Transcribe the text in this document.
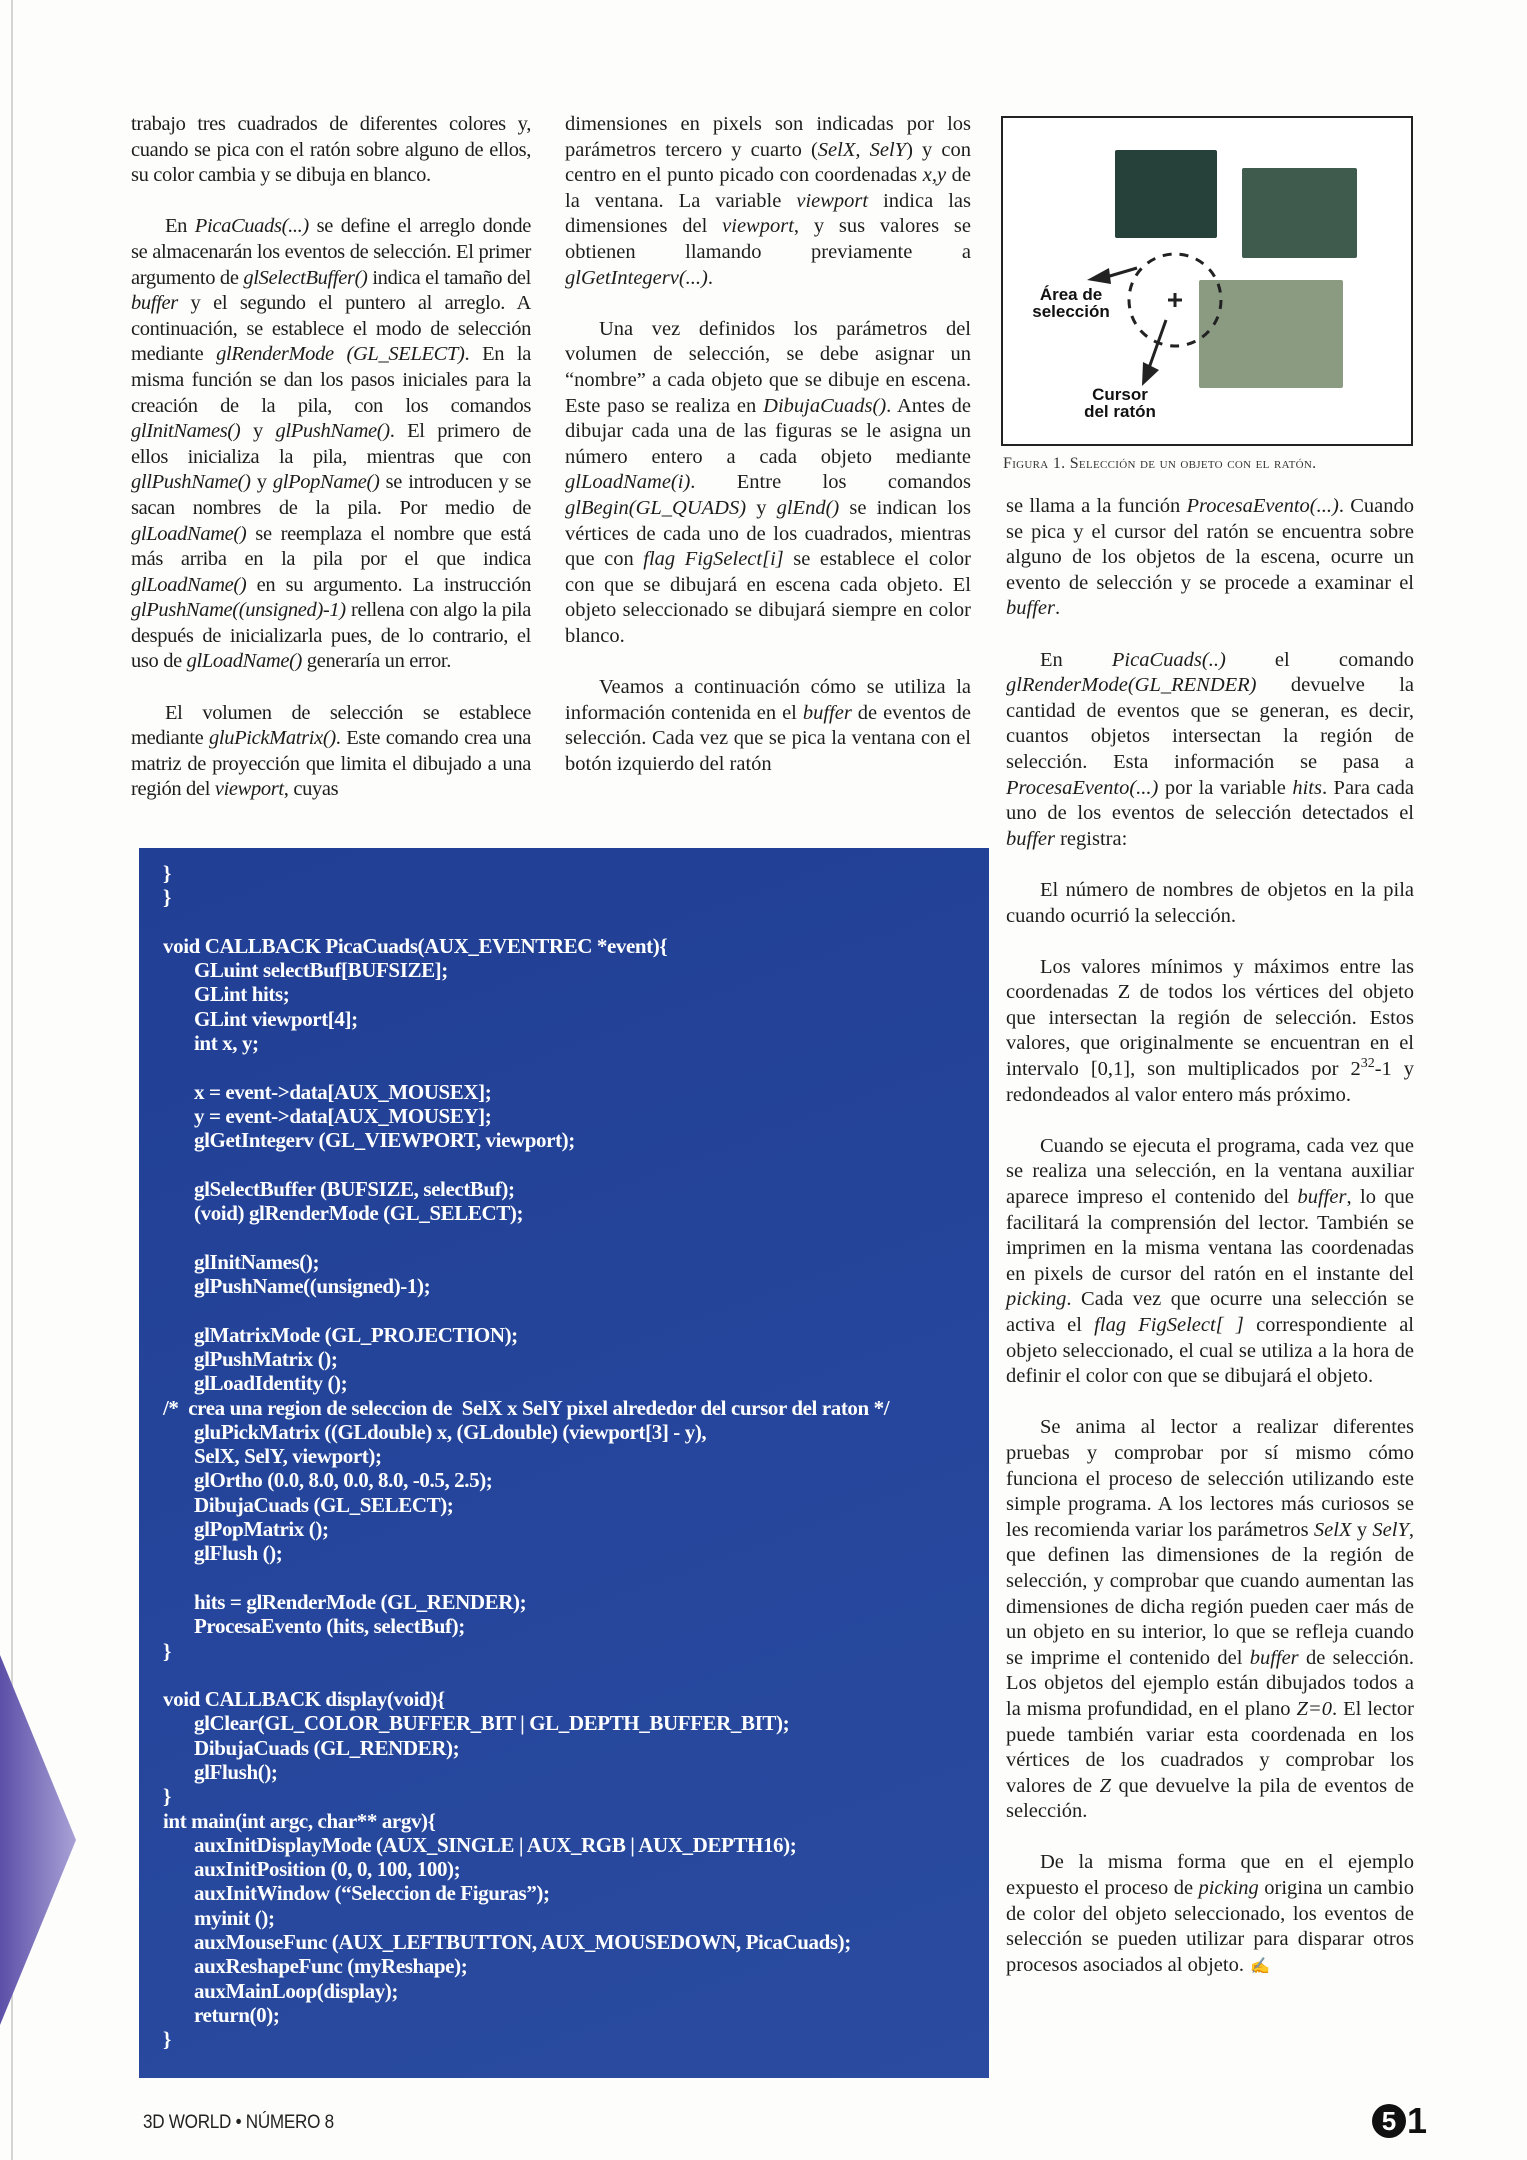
trabajo tres cuadrados de diferentes colores y, cuando se pica con el ratón sobre alguno de ellos, su color cambia y se dibuja en blanco.

En PicaCuads(...) se define el arreglo donde se almacenarán los eventos de selección. El primer argumento de glSelectBuffer() indica el tamaño del buffer y el segundo el puntero al arreglo. A continuación, se establece el modo de selección mediante glRenderMode (GL_SELECT). En la misma función se dan los pasos iniciales para la creación de la pila, con los comandos glInitNames() y glPushName(). El primero de ellos inicializa la pila, mientras que con gllPushName() y glPopName() se introducen y se sacan nombres de la pila. Por medio de glLoadName() se reemplaza el nombre que está más arriba en la pila por el que indica glLoadName() en su argumento. La instrucción glPushName((unsigned)-1) rellena con algo la pila después de inicializarla pues, de lo contrario, el uso de glLoadName() generaría un error.

El volumen de selección se establece mediante gluPickMatrix(). Este comando crea una matriz de proyección que limita el dibujado a una región del viewport, cuyas

dimensiones en pixels son indicadas por los parámetros tercero y cuarto (SelX, SelY) y con centro en el punto picado con coordenadas x,y de la ventana. La variable viewport indica las dimensiones del viewport, y sus valores se obtienen llamando previamente a glGetIntegerv(...).

Una vez definidos los parámetros del volumen de selección, se debe asignar un “nombre” a cada objeto que se dibuje en escena. Este paso se realiza en DibujaCuads(). Antes de dibujar cada una de las figuras se le asigna un número entero a cada objeto mediante glLoadName(i). Entre los comandos glBegin(GL_QUADS) y glEnd() se indican los vértices de cada uno de los cuadrados, mientras que con flag FigSelect[i] se establece el color con que se dibujará en escena cada objeto. El objeto seleccionado se dibujará siempre en color blanco.

Veamos a continuación cómo se utiliza la información contenida en el buffer de eventos de selección. Cada vez que se pica la ventana con el botón izquierdo del ratón

Área de
selección
Cursor
del ratón
Figura 1. Selección de un objeto con el ratón.

se llama a la función ProcesaEvento(...). Cuando se pica y el cursor del ratón se encuentra sobre alguno de los objetos de la escena, ocurre un evento de selección y se procede a examinar el buffer.

En PicaCuads(..) el comando glRenderMode(GL_RENDER) devuelve la cantidad de eventos que se generan, es decir, cuantos objetos intersectan la región de selección. Esta información se pasa a ProcesaEvento(...) por la variable hits. Para cada uno de los eventos de selección detectados el buffer registra:

El número de nombres de objetos en la pila cuando ocurrió la selección.

Los valores mínimos y máximos entre las coordenadas Z de todos los vértices del objeto que intersectan la región de selección. Estos valores, que originalmente se encuentran en el intervalo [0,1], son multiplicados por $2^{32}-1$ y redondeados al valor entero más próximo.

Cuando se ejecuta el programa, cada vez que se realiza una selección, en la ventana auxiliar aparece impreso el contenido del buffer, lo que facilitará la comprensión del lector. También se imprimen en la misma ventana las coordenadas en pixels de cursor del ratón en el instante del picking. Cada vez que ocurre una selección se activa el flag FigSelect[ ] correspondiente al objeto seleccionado, el cual se utiliza a la hora de definir el color con que se dibujará el objeto.

Se anima al lector a realizar diferentes pruebas y comprobar por sí mismo cómo funciona el proceso de selección utilizando este simple programa. A los lectores más curiosos se les recomienda variar los parámetros SelX y SelY, que definen las dimensiones de la región de selección, y comprobar que cuando aumentan las dimensiones de dicha región pueden caer más de un objeto en su interior, lo que se refleja cuando se imprime el contenido del buffer de selección. Los objetos del ejemplo están dibujados todos a la misma profundidad, en el plano Z=0. El lector puede también variar esta coordenada en los vértices de los cuadrados y comprobar los valores de Z que devuelve la pila de eventos de selección.

De la misma forma que en el ejemplo expuesto el proceso de picking origina un cambio de color del objeto seleccionado, los eventos de selección se pueden utilizar para disparar otros procesos asociados al objeto. ✍

}
}
void CALLBACK PicaCuads(AUX_EVENTREC *event){
GLuint selectBuf[BUFSIZE];
GLint hits;
GLint viewport[4];
int x, y;
x = event->data[AUX_MOUSEX];
y = event->data[AUX_MOUSEY];
glGetIntegerv (GL_VIEWPORT, viewport);
glSelectBuffer (BUFSIZE, selectBuf);
(void) glRenderMode (GL_SELECT);
glInitNames();
glPushName((unsigned)-1);
glMatrixMode (GL_PROJECTION);
glPushMatrix ();
glLoadIdentity ();
/*  crea una region de seleccion de  SelX x SelY pixel alrededor del cursor del raton */
gluPickMatrix ((GLdouble) x, (GLdouble) (viewport[3] - y),
SelX, SelY, viewport);
glOrtho (0.0, 8.0, 0.0, 8.0, -0.5, 2.5);
DibujaCuads (GL_SELECT);
glPopMatrix ();
glFlush ();
hits = glRenderMode (GL_RENDER);
ProcesaEvento (hits, selectBuf);
}
void CALLBACK display(void){
glClear(GL_COLOR_BUFFER_BIT | GL_DEPTH_BUFFER_BIT);
DibujaCuads (GL_RENDER);
glFlush();
}
int main(int argc, char** argv){
auxInitDisplayMode (AUX_SINGLE | AUX_RGB | AUX_DEPTH16);
auxInitPosition (0, 0, 100, 100);
auxInitWindow (“Seleccion de Figuras”);
myinit ();
auxMouseFunc (AUX_LEFTBUTTON, AUX_MOUSEDOWN, PicaCuads);
auxReshapeFunc (myReshape);
auxMainLoop(display);
return(0);
}
3D WORLD • NÚMERO 8	5 1
